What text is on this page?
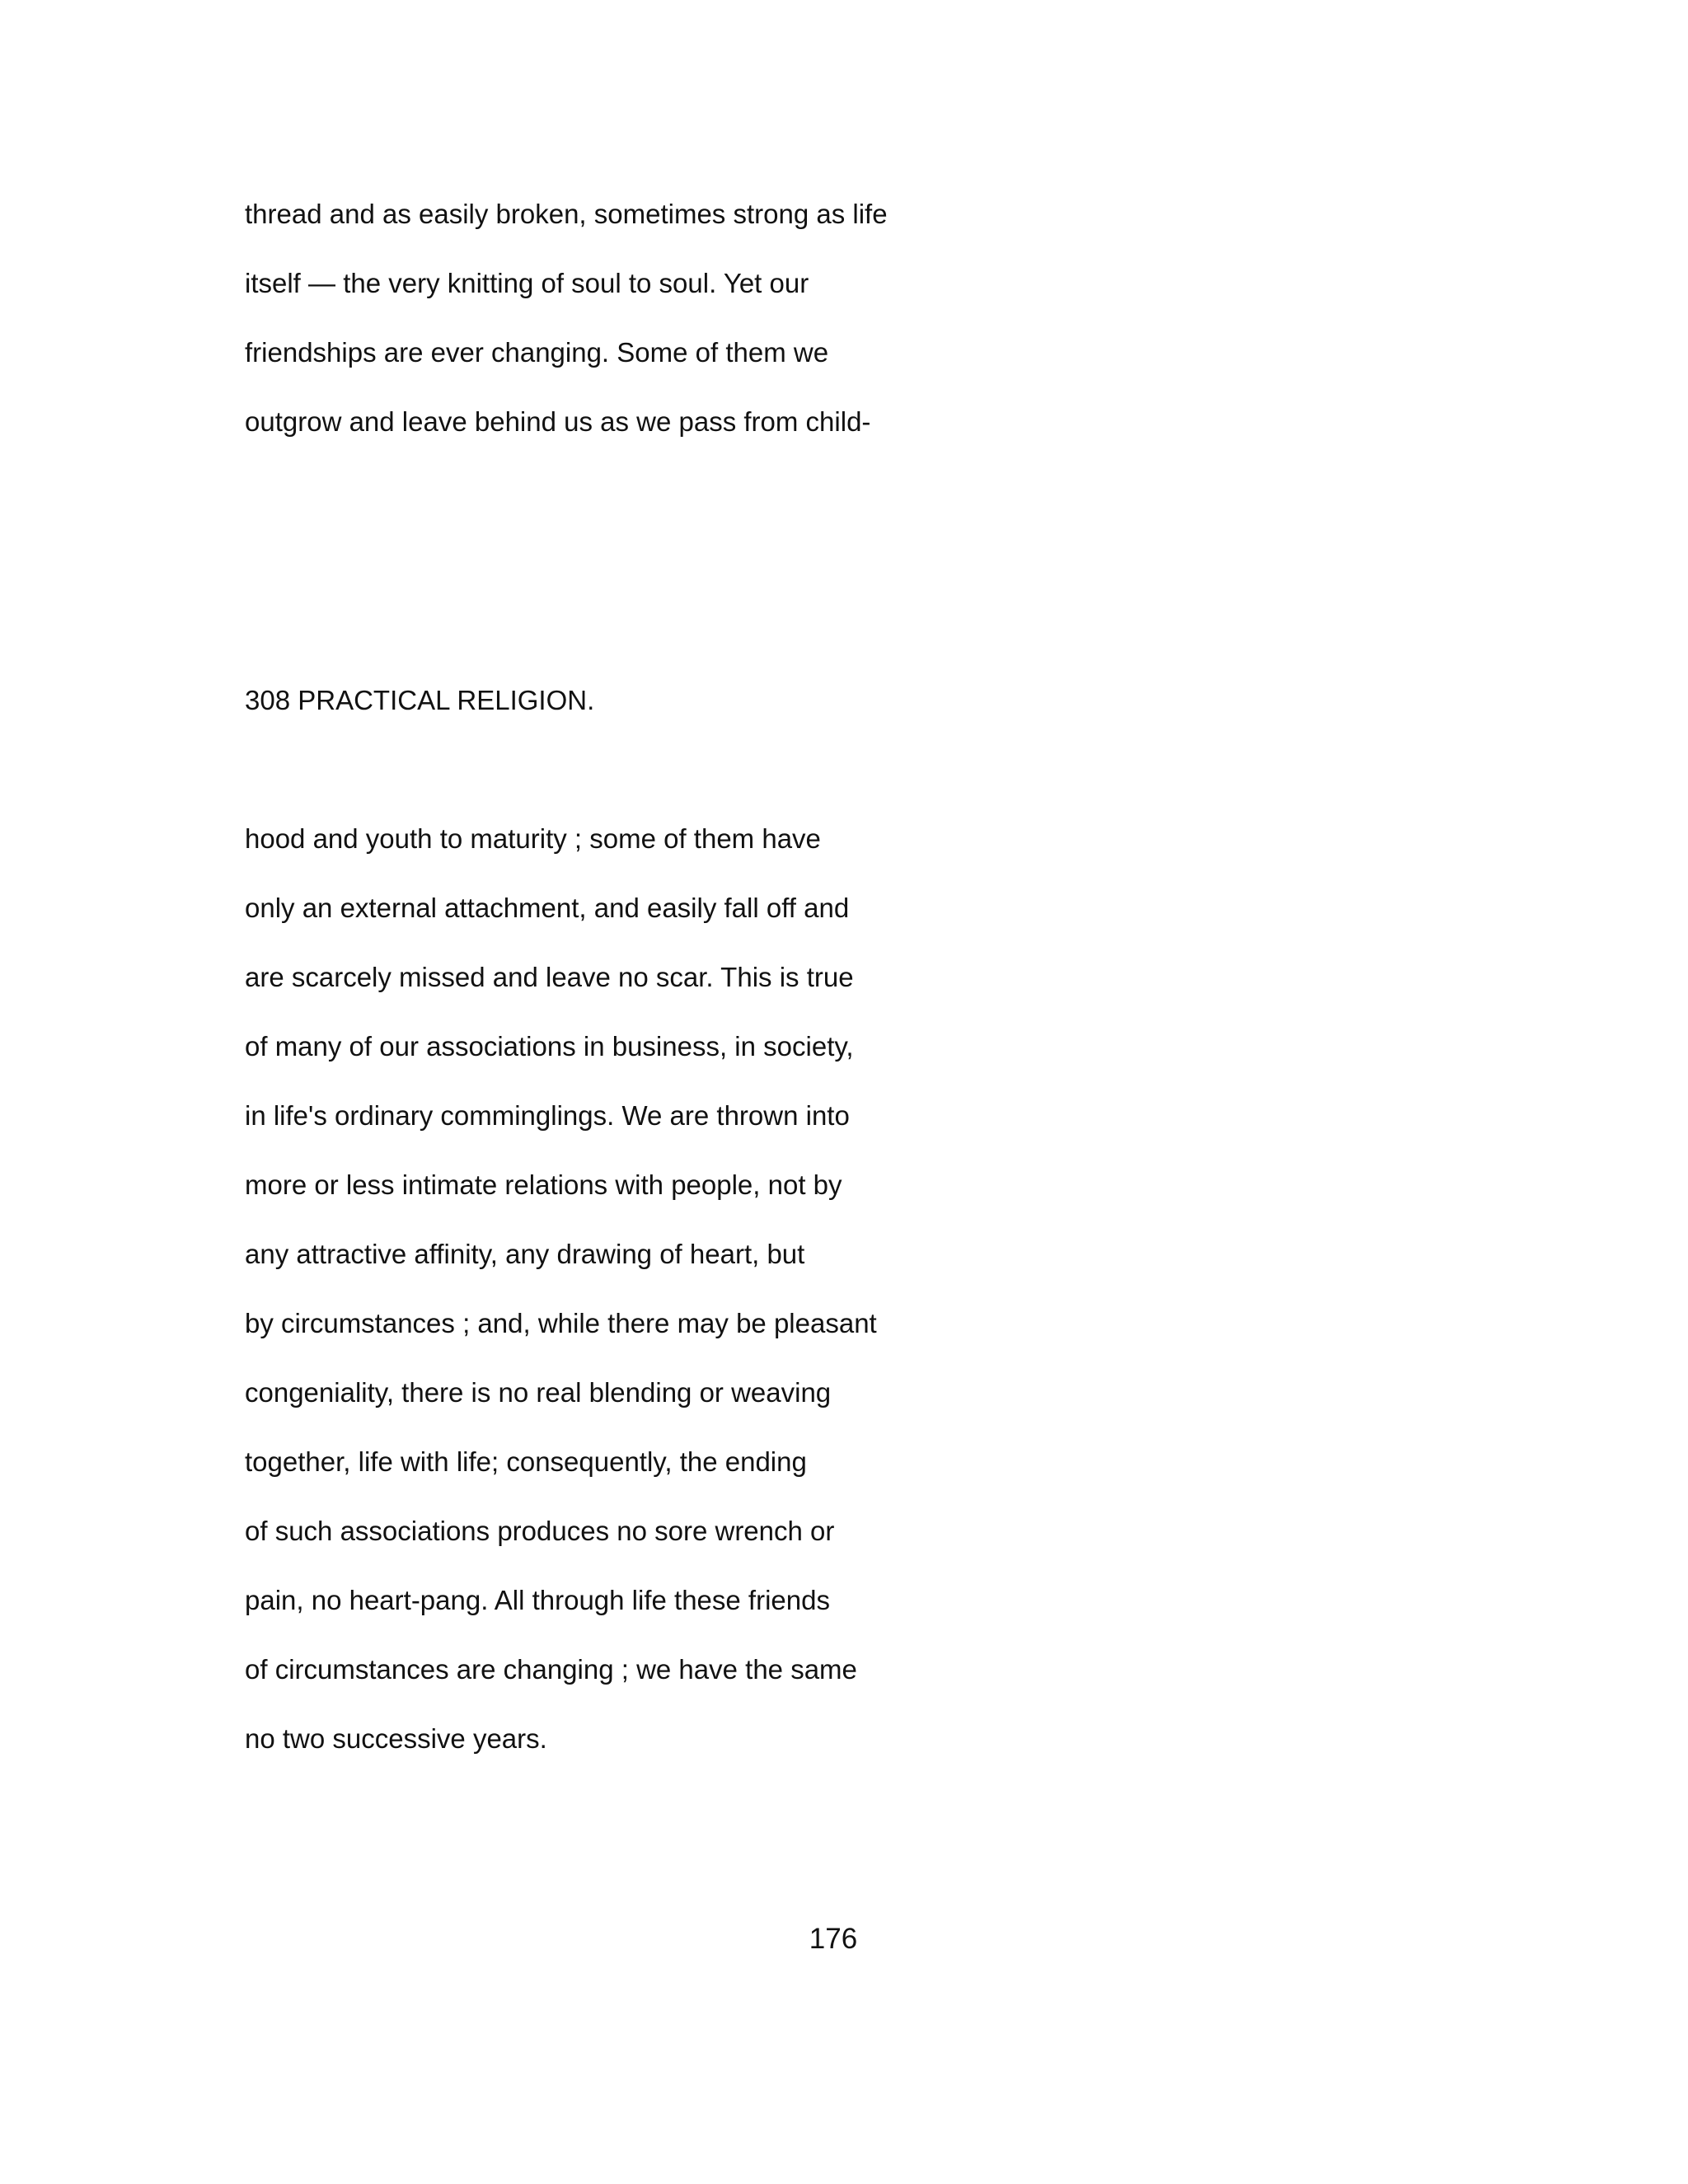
thread and as easily broken, sometimes strong as life

itself — the very knitting of soul to soul. Yet our

friendships are ever changing. Some of them we

outgrow and leave behind us as we pass from child-

308 PRACTICAL RELIGION.

hood and youth to maturity ; some of them have

only an external attachment, and easily fall off and

are scarcely missed and leave no scar. This is true

of many of our associations in business, in society,

in life's ordinary comminglings. We are thrown into

more or less intimate relations with people, not by

any attractive affinity, any drawing of heart, but

by circumstances ; and, while there may be pleasant

congeniality, there is no real blending or weaving

together, life with life; consequently, the ending

of such associations produces no sore wrench or

pain, no heart-pang. All through life these friends

of circumstances are changing ; we have the same

no two successive years.

176
